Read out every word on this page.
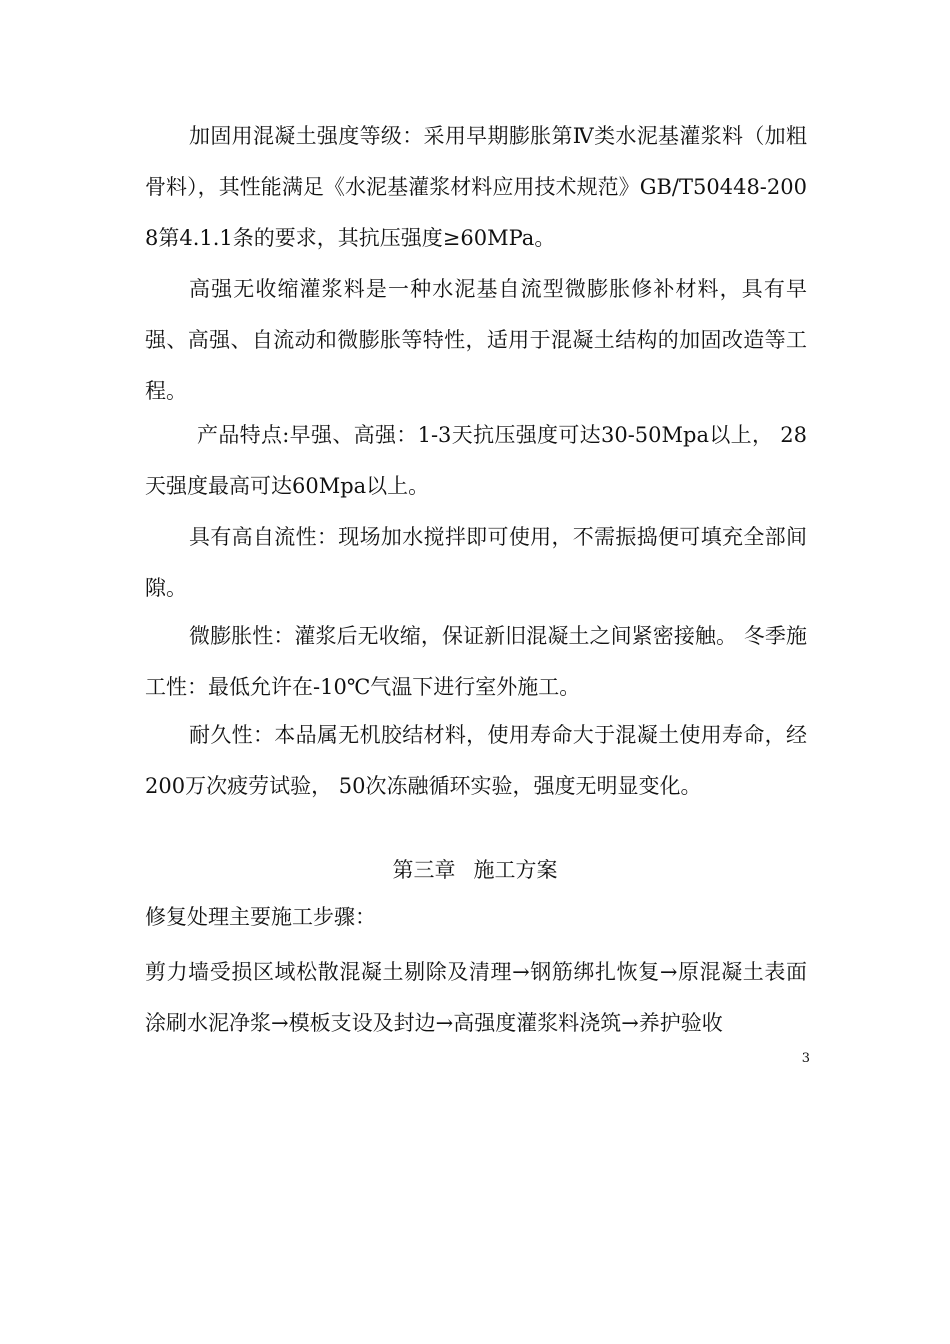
加固用混凝土强度等级：采用早期膨胀第Ⅳ类水泥基灌浆料（加粗骨料），其性能满足《水泥基灌浆材料应用技术规范》GB/T50448-2008第4.1.1条的要求，其抗压强度≥60MPa。

高强无收缩灌浆料是一种水泥基自流型微膨胀修补材料，具有早强、高强、自流动和微膨胀等特性，适用于混凝土结构的加固改造等工程。

产品特点:早强、高强：1-3天抗压强度可达30-50Mpa以上， 28天强度最高可达60Mpa以上。

具有高自流性：现场加水搅拌即可使用，不需振捣便可填充全部间隙。

微膨胀性：灌浆后无收缩，保证新旧混凝土之间紧密接触。 冬季施工性：最低允许在-10℃气温下进行室外施工。

耐久性：本品属无机胶结材料，使用寿命大于混凝土使用寿命，经200万次疲劳试验， 50次冻融循环实验，强度无明显变化。

第三章 施工方案

修复处理主要施工步骤：

剪力墙受损区域松散混凝土剔除及清理→钢筋绑扎恢复→原混凝土表面涂刷水泥净浆→模板支设及封边→高强度灌浆料浇筑→养护验收

3
